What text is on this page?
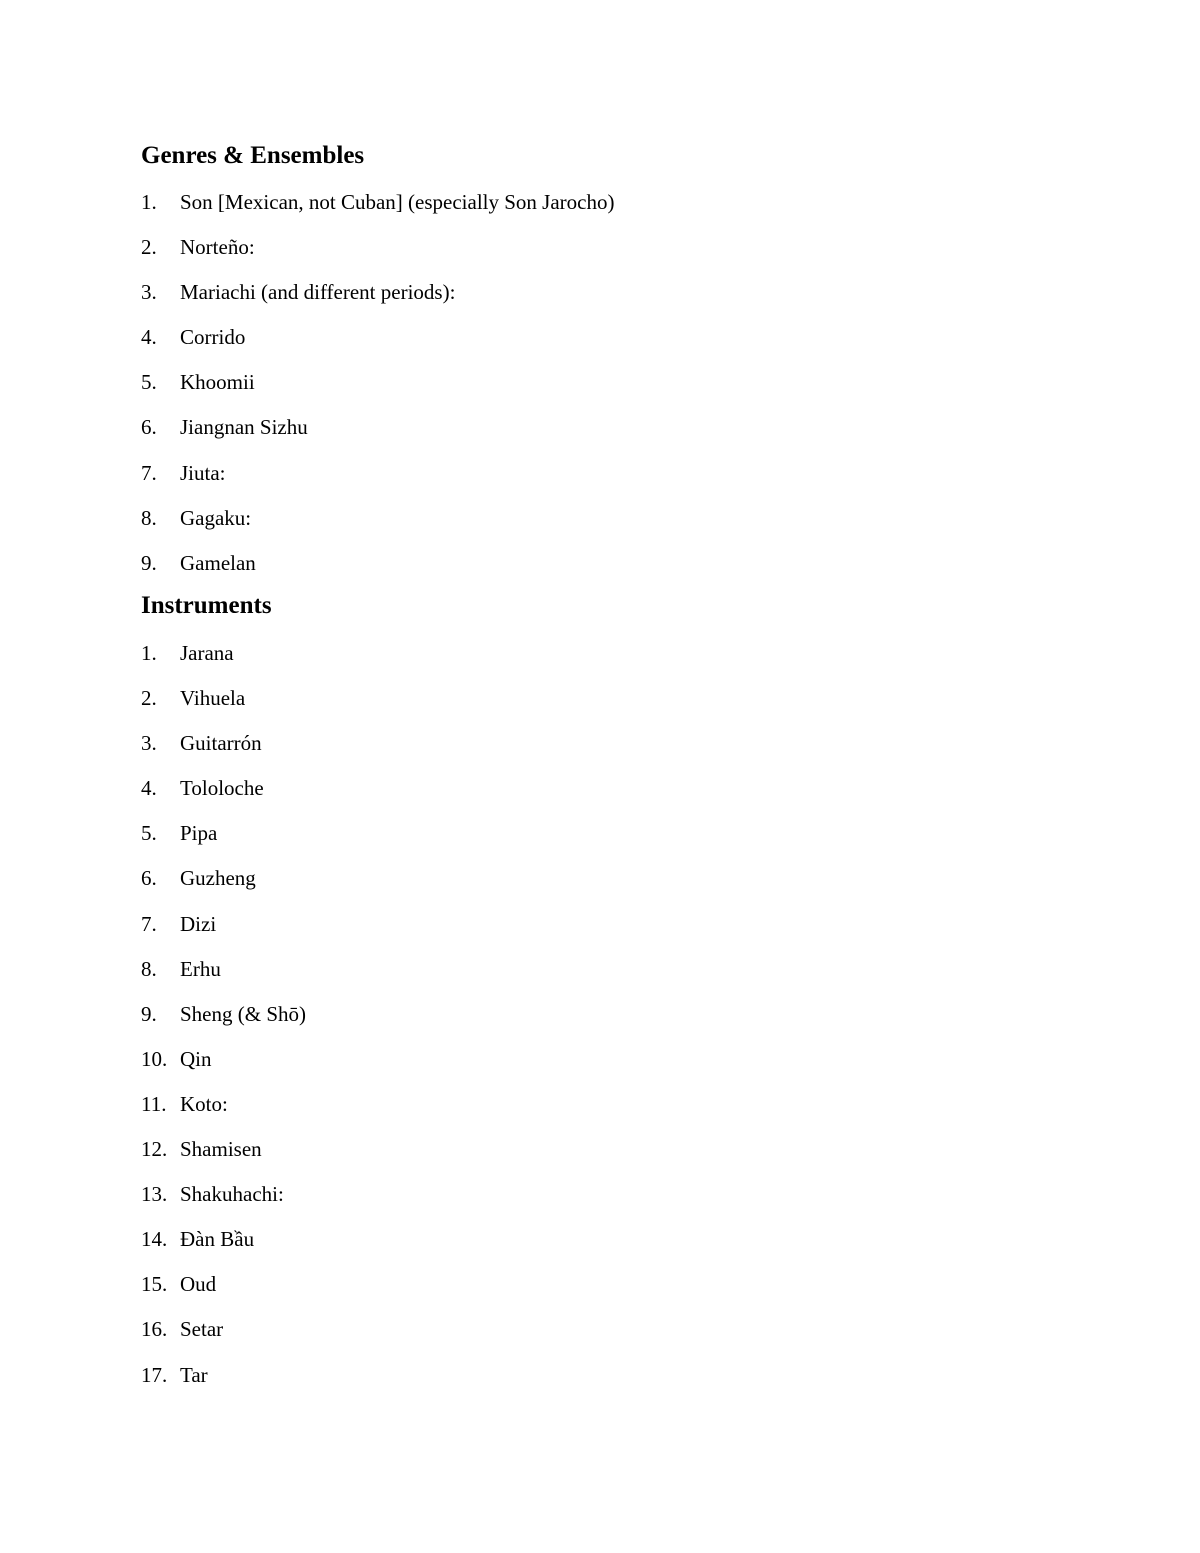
Genres & Ensembles
1.	Son [Mexican, not Cuban] (especially Son Jarocho)
2.	Norteño:
3.	Mariachi (and different periods):
4.	Corrido
5.	Khoomii
6.	Jiangnan Sizhu
7.	Jiuta:
8.	Gagaku:
9.	Gamelan
Instruments
1.	Jarana
2.	Vihuela
3.	Guitarrón
4.	Tololoche
5.	Pipa
6.	Guzheng
7.	Dizi
8.	Erhu
9.	Sheng (& Shō)
10. Qin
11. Koto:
12. Shamisen
13. Shakuhachi:
14. Đàn Bầu
15. Oud
16. Setar
17. Tar
